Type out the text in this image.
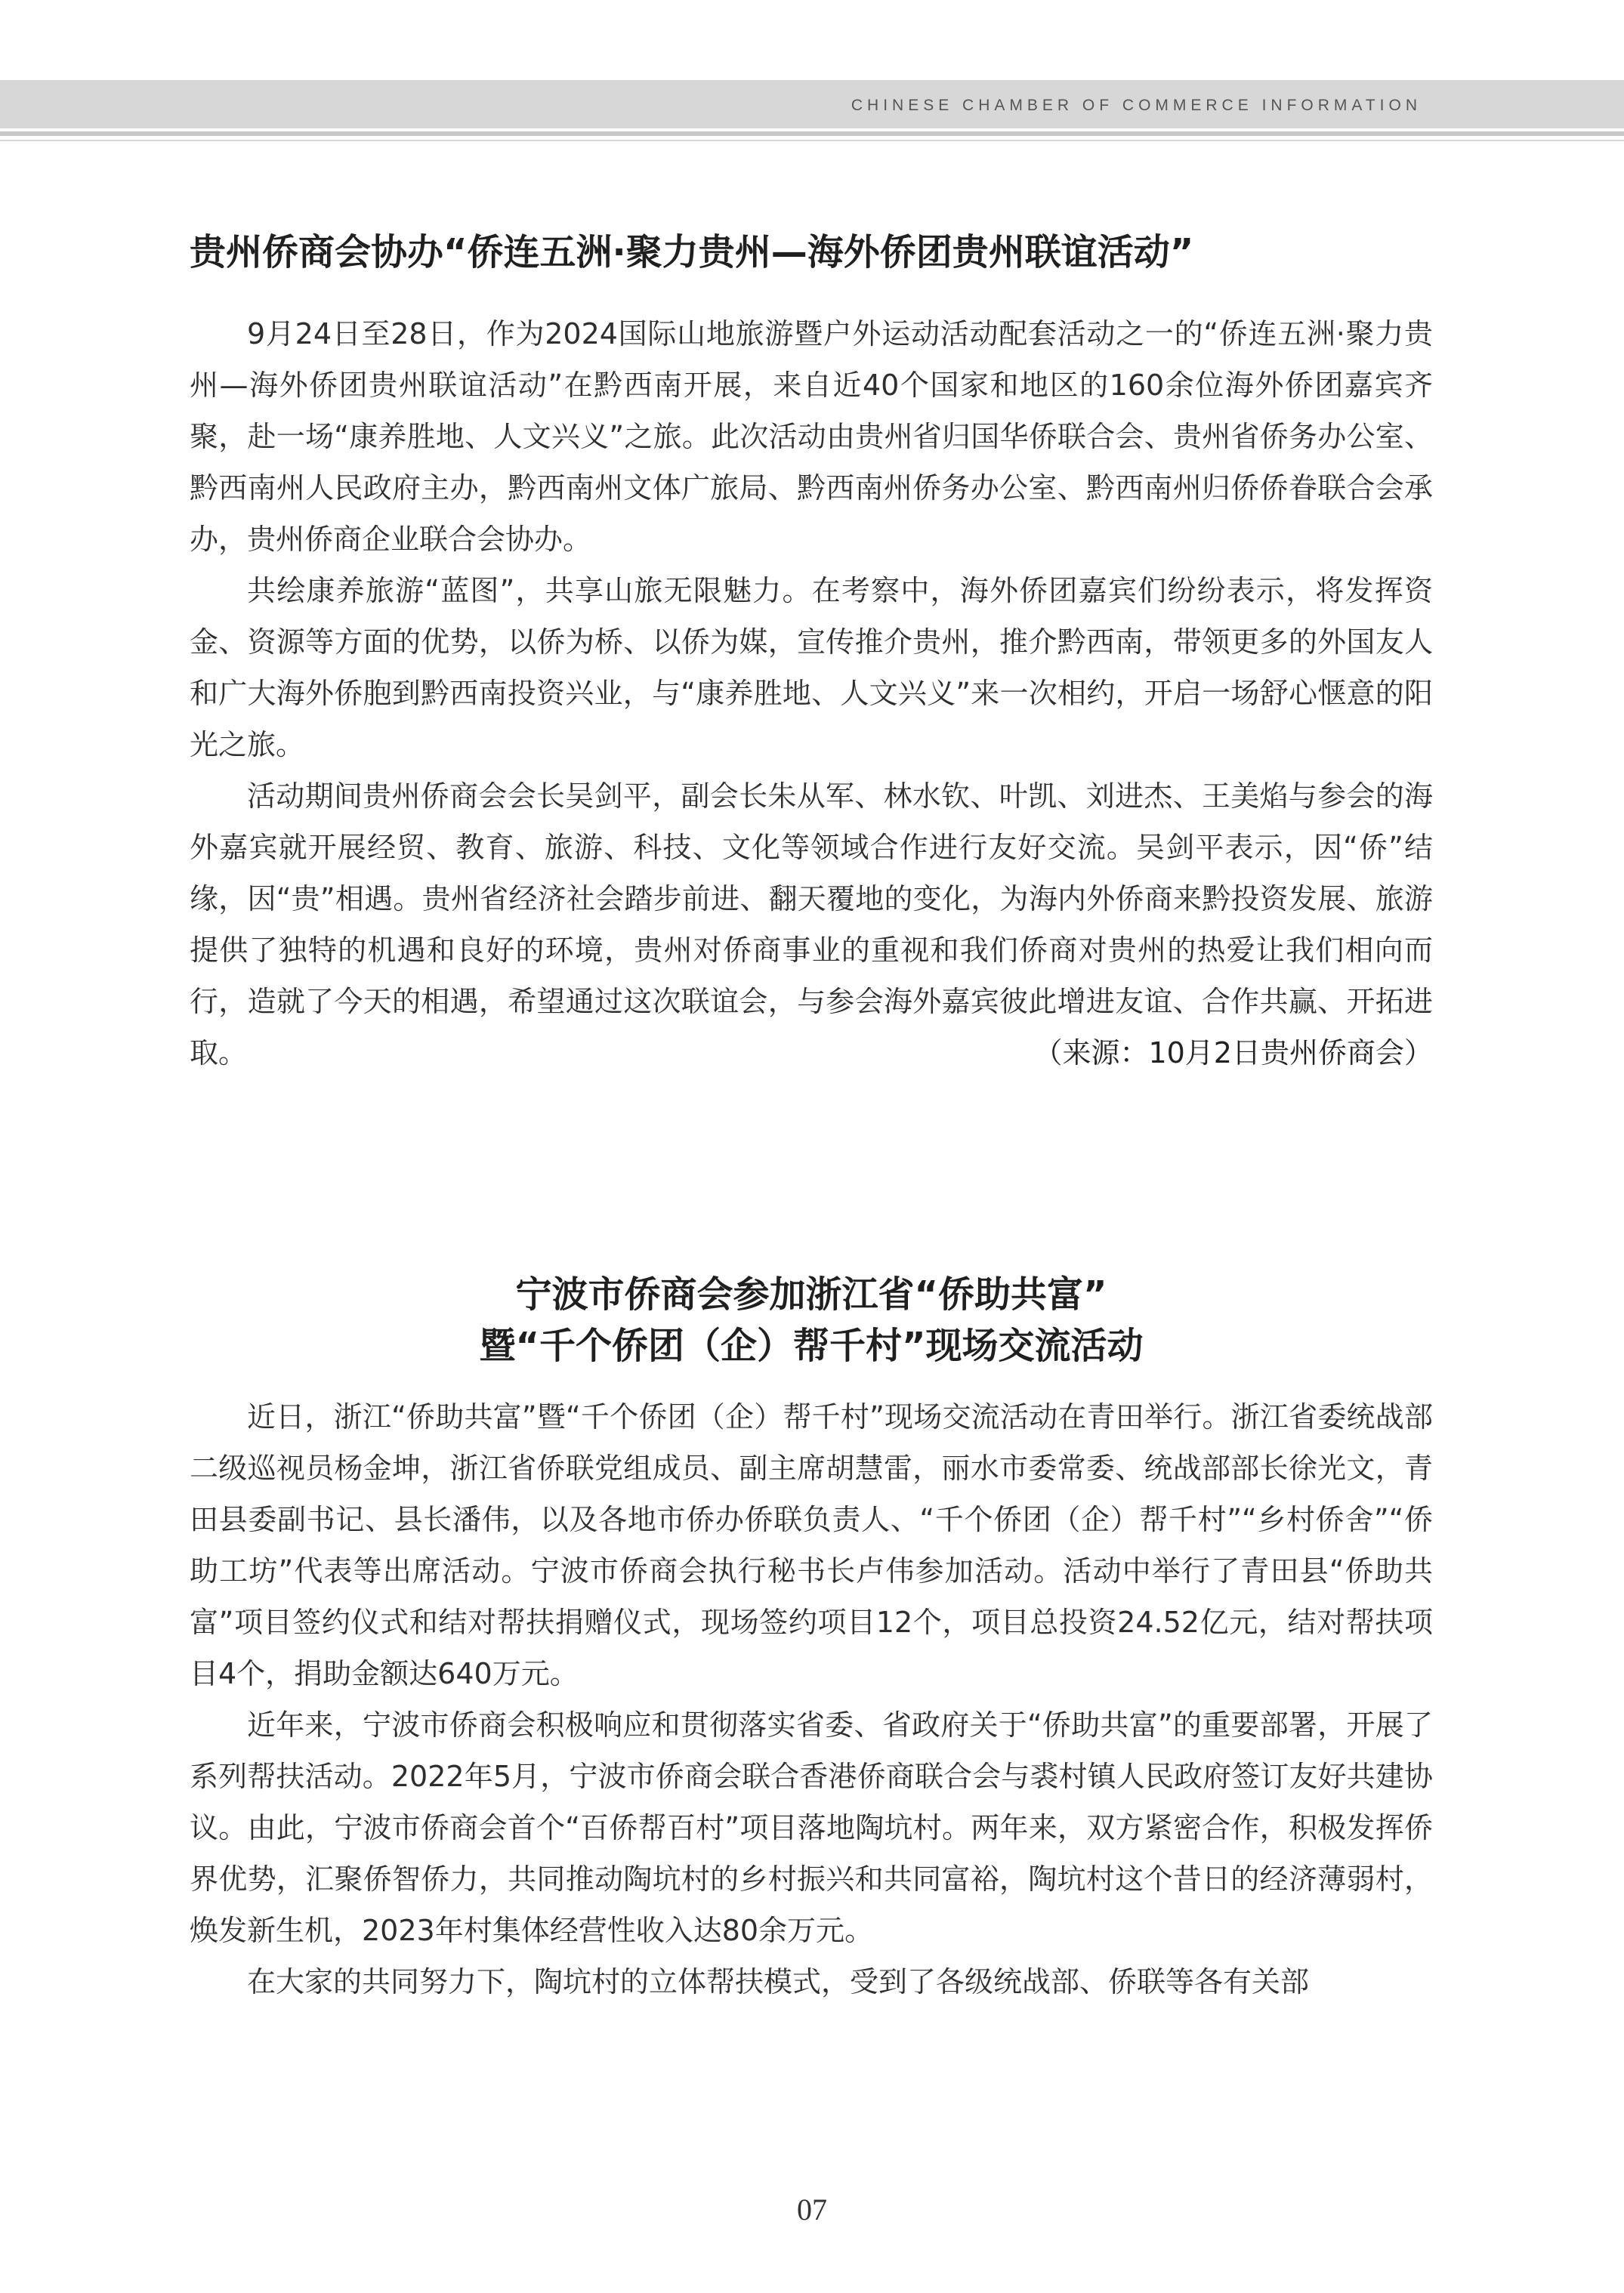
CHINESE CHAMBER OF COMMERCE INFORMATION
贵州侨商会协办“侨连五洲·聚力贵州—海外侨团贵州联谊活动”

9月24日至28日，作为2024国际山地旅游暨户外运动活动配套活动之一的“侨连五洲·聚力贵州—海外侨团贵州联谊活动”在黔西南开展，来自近40个国家和地区的160余位海外侨团嘉宾齐聚，赴一场“康养胜地、人文兴义”之旅。此次活动由贵州省归国华侨联合会、贵州省侨务办公室、黔西南州人民政府主办，黔西南州文体广旅局、黔西南州侨务办公室、黔西南州归侨侨眷联合会承办，贵州侨商企业联合会协办。

共绘康养旅游“蓝图”，共享山旅无限魅力。在考察中，海外侨团嘉宾们纷纷表示，将发挥资金、资源等方面的优势，以侨为桥、以侨为媒，宣传推介贵州，推介黔西南，带领更多的外国友人和广大海外侨胞到黔西南投资兴业，与“康养胜地、人文兴义”来一次相约，开启一场舒心惬意的阳光之旅。

活动期间贵州侨商会会长吴剑平，副会长朱从军、林水钦、叶凯、刘进杰、王美焰与参会的海外嘉宾就开展经贸、教育、旅游、科技、文化等领域合作进行友好交流。吴剑平表示，因“侨”结缘，因“贵”相遇。贵州省经济社会踏步前进、翻天覆地的变化，为海内外侨商来黔投资发展、旅游提供了独特的机遇和良好的环境，贵州对侨商事业的重视和我们侨商对贵州的热爱让我们相向而行，造就了今天的相遇，希望通过这次联谊会，与参会海外嘉宾彼此增进友谊、合作共赢、开拓进取。	（来源：10月2日贵州侨商会）
宁波市侨商会参加浙江省“侨助共富”
暨“千个侨团（企）帮千村”现场交流活动

近日，浙江“侨助共富”暨“千个侨团（企）帮千村”现场交流活动在青田举行。浙江省委统战部二级巡视员杨金坤，浙江省侨联党组成员、副主席胡慧雷，丽水市委常委、统战部部长徐光文，青田县委副书记、县长潘伟，以及各地市侨办侨联负责人、“千个侨团（企）帮千村”“乡村侨舍”“侨助工坊”代表等出席活动。宁波市侨商会执行秘书长卢伟参加活动。活动中举行了青田县“侨助共富”项目签约仪式和结对帮扶捐赠仪式，现场签约项目12个，项目总投资24.52亿元，结对帮扶项目4个，捐助金额达640万元。

近年来，宁波市侨商会积极响应和贯彻落实省委、省政府关于“侨助共富”的重要部署，开展了系列帮扶活动。2022年5月，宁波市侨商会联合香港侨商联合会与裘村镇人民政府签订友好共建协议。由此，宁波市侨商会首个“百侨帮百村”项目落地陶坑村。两年来，双方紧密合作，积极发挥侨界优势，汇聚侨智侨力，共同推动陶坑村的乡村振兴和共同富裕，陶坑村这个昔日的经济薄弱村，焕发新生机，2023年村集体经营性收入达80余万元。

在大家的共同努力下，陶坑村的立体帮扶模式，受到了各级统战部、侨联等各有关部

07
